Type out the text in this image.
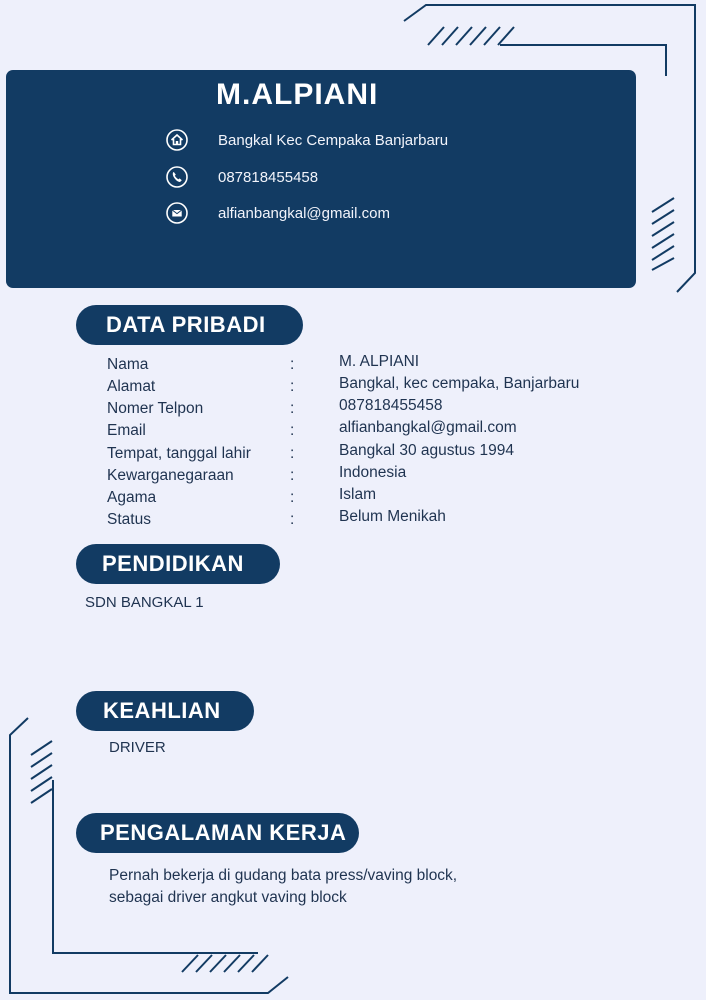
M.ALPIANI
Bangkal Kec Cempaka Banjarbaru
087818455458
alfianbangkal@gmail.com
DATA PRIBADI
Nama	:	M. ALPIANI
Alamat	:	Bangkal, kec cempaka, Banjarbaru
Nomer Telpon	:	087818455458
Email	:	alfianbangkal@gmail.com
Tempat, tanggal lahir	:	Bangkal 30 agustus 1994
Kewarganegaraan	:	Indonesia
Agama	:	Islam
Status	:	Belum Menikah
PENDIDIKAN
SDN BANGKAL 1
KEAHLIAN
DRIVER
PENGALAMAN KERJA
Pernah bekerja di gudang bata press/vaving block, sebagai driver angkut vaving block
